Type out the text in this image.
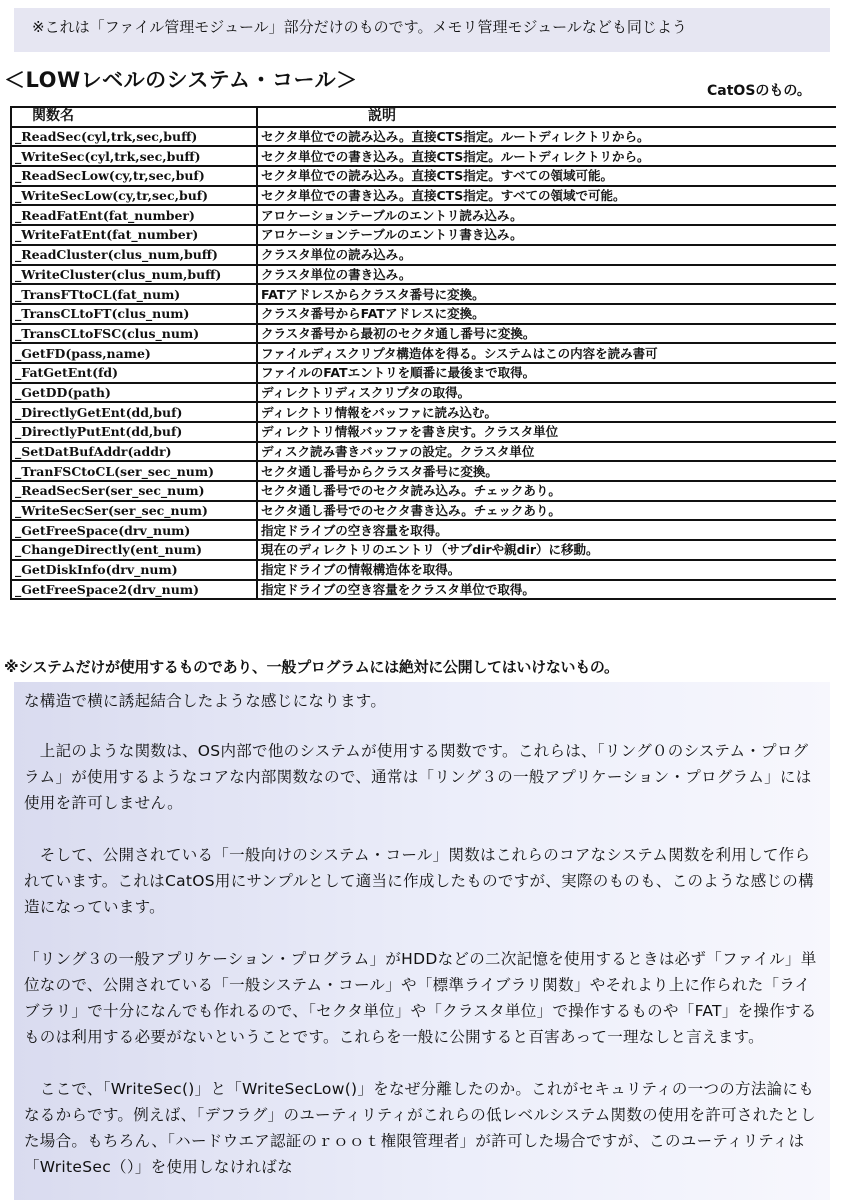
※これは「ファイル管理モジュール」部分だけのものです。メモリ管理モジュールなども同じよう
＜LOWレベルのシステム・コール＞	CatOSのもの。
関数名	説明
_ReadSec(cyl,trk,sec,buff)	セクタ単位での読み込み。直接CTS指定。ルートディレクトリから。
_WriteSec(cyl,trk,sec,buff)	セクタ単位での書き込み。直接CTS指定。ルートディレクトリから。
_ReadSecLow(cy,tr,sec,buf)	セクタ単位での読み込み。直接CTS指定。すべての領域可能。
_WriteSecLow(cy,tr,sec,buf)	セクタ単位での書き込み。直接CTS指定。すべての領域で可能。
_ReadFatEnt(fat_number)	アロケーションテーブルのエントリ読み込み。
_WriteFatEnt(fat_number)	アロケーションテーブルのエントリ書き込み。
_ReadCluster(clus_num,buff)	クラスタ単位の読み込み。
_WriteCluster(clus_num,buff)	クラスタ単位の書き込み。
_TransFTtoCL(fat_num)	FATアドレスからクラスタ番号に変換。
_TransCLtoFT(clus_num)	クラスタ番号からFATアドレスに変換。
_TransCLtoFSC(clus_num)	クラスタ番号から最初のセクタ通し番号に変換。
_GetFD(pass,name)	ファイルディスクリプタ構造体を得る。システムはこの内容を読み書可
_FatGetEnt(fd)	ファイルのFATエントリを順番に最後まで取得。
_GetDD(path)	ディレクトリディスクリプタの取得。
_DirectlyGetEnt(dd,buf)	ディレクトリ情報をバッファに読み込む。
_DirectlyPutEnt(dd,buf)	ディレクトリ情報バッファを書き戻す。クラスタ単位
_SetDatBufAddr(addr)	ディスク読み書きバッファの設定。クラスタ単位
_TranFSCtoCL(ser_sec_num)	セクタ通し番号からクラスタ番号に変換。
_ReadSecSer(ser_sec_num)	セクタ通し番号でのセクタ読み込み。チェックあり。
_WriteSecSer(ser_sec_num)	セクタ通し番号でのセクタ書き込み。チェックあり。
_GetFreeSpace(drv_num)	指定ドライブの空き容量を取得。
_ChangeDirectly(ent_num)	現在のディレクトリのエントリ（サブdirや親dir）に移動。
_GetDiskInfo(drv_num)	指定ドライブの情報構造体を取得。
_GetFreeSpace2(drv_num)	指定ドライブの空き容量をクラスタ単位で取得。
※システムだけが使用するものであり、一般プログラムには絶対に公開してはいけないもの。

な構造で横に誘起結合したような感じになります。

　上記のような関数は、OS内部で他のシステムが使用する関数です。これらは、「リング０のシステム・プログラム」が使用するようなコアな内部関数なので、通常は「リング３の一般アプリケーション・プログラム」には使用を許可しません。

　そして、公開されている「一般向けのシステム・コール」関数はこれらのコアなシステム関数を利用して作られています。これはCatOS用にサンプルとして適当に作成したものですが、実際のものも、このような感じの構造になっています。

「リング３の一般アプリケーション・プログラム」がHDDなどの二次記憶を使用するときは必ず「ファイル」単位なので、公開されている「一般システム・コール」や「標準ライブラリ関数」やそれより上に作られた「ライブラリ」で十分になんでも作れるので、「セクタ単位」や「クラスタ単位」で操作するものや「FAT」を操作するものは利用する必要がないということです。これらを一般に公開すると百害あって一理なしと言えます。

　ここで、「WriteSec()」と「WriteSecLow()」をなぜ分離したのか。これがセキュリティの一つの方法論にもなるからです。例えば、「デフラグ」のユーティリティがこれらの低レベルシステム関数の使用を許可されたとした場合。もちろん、「ハードウエア認証のｒｏｏｔ権限管理者」が許可した場合ですが、このユーティリティは「WriteSec（）」を使用しなければな
